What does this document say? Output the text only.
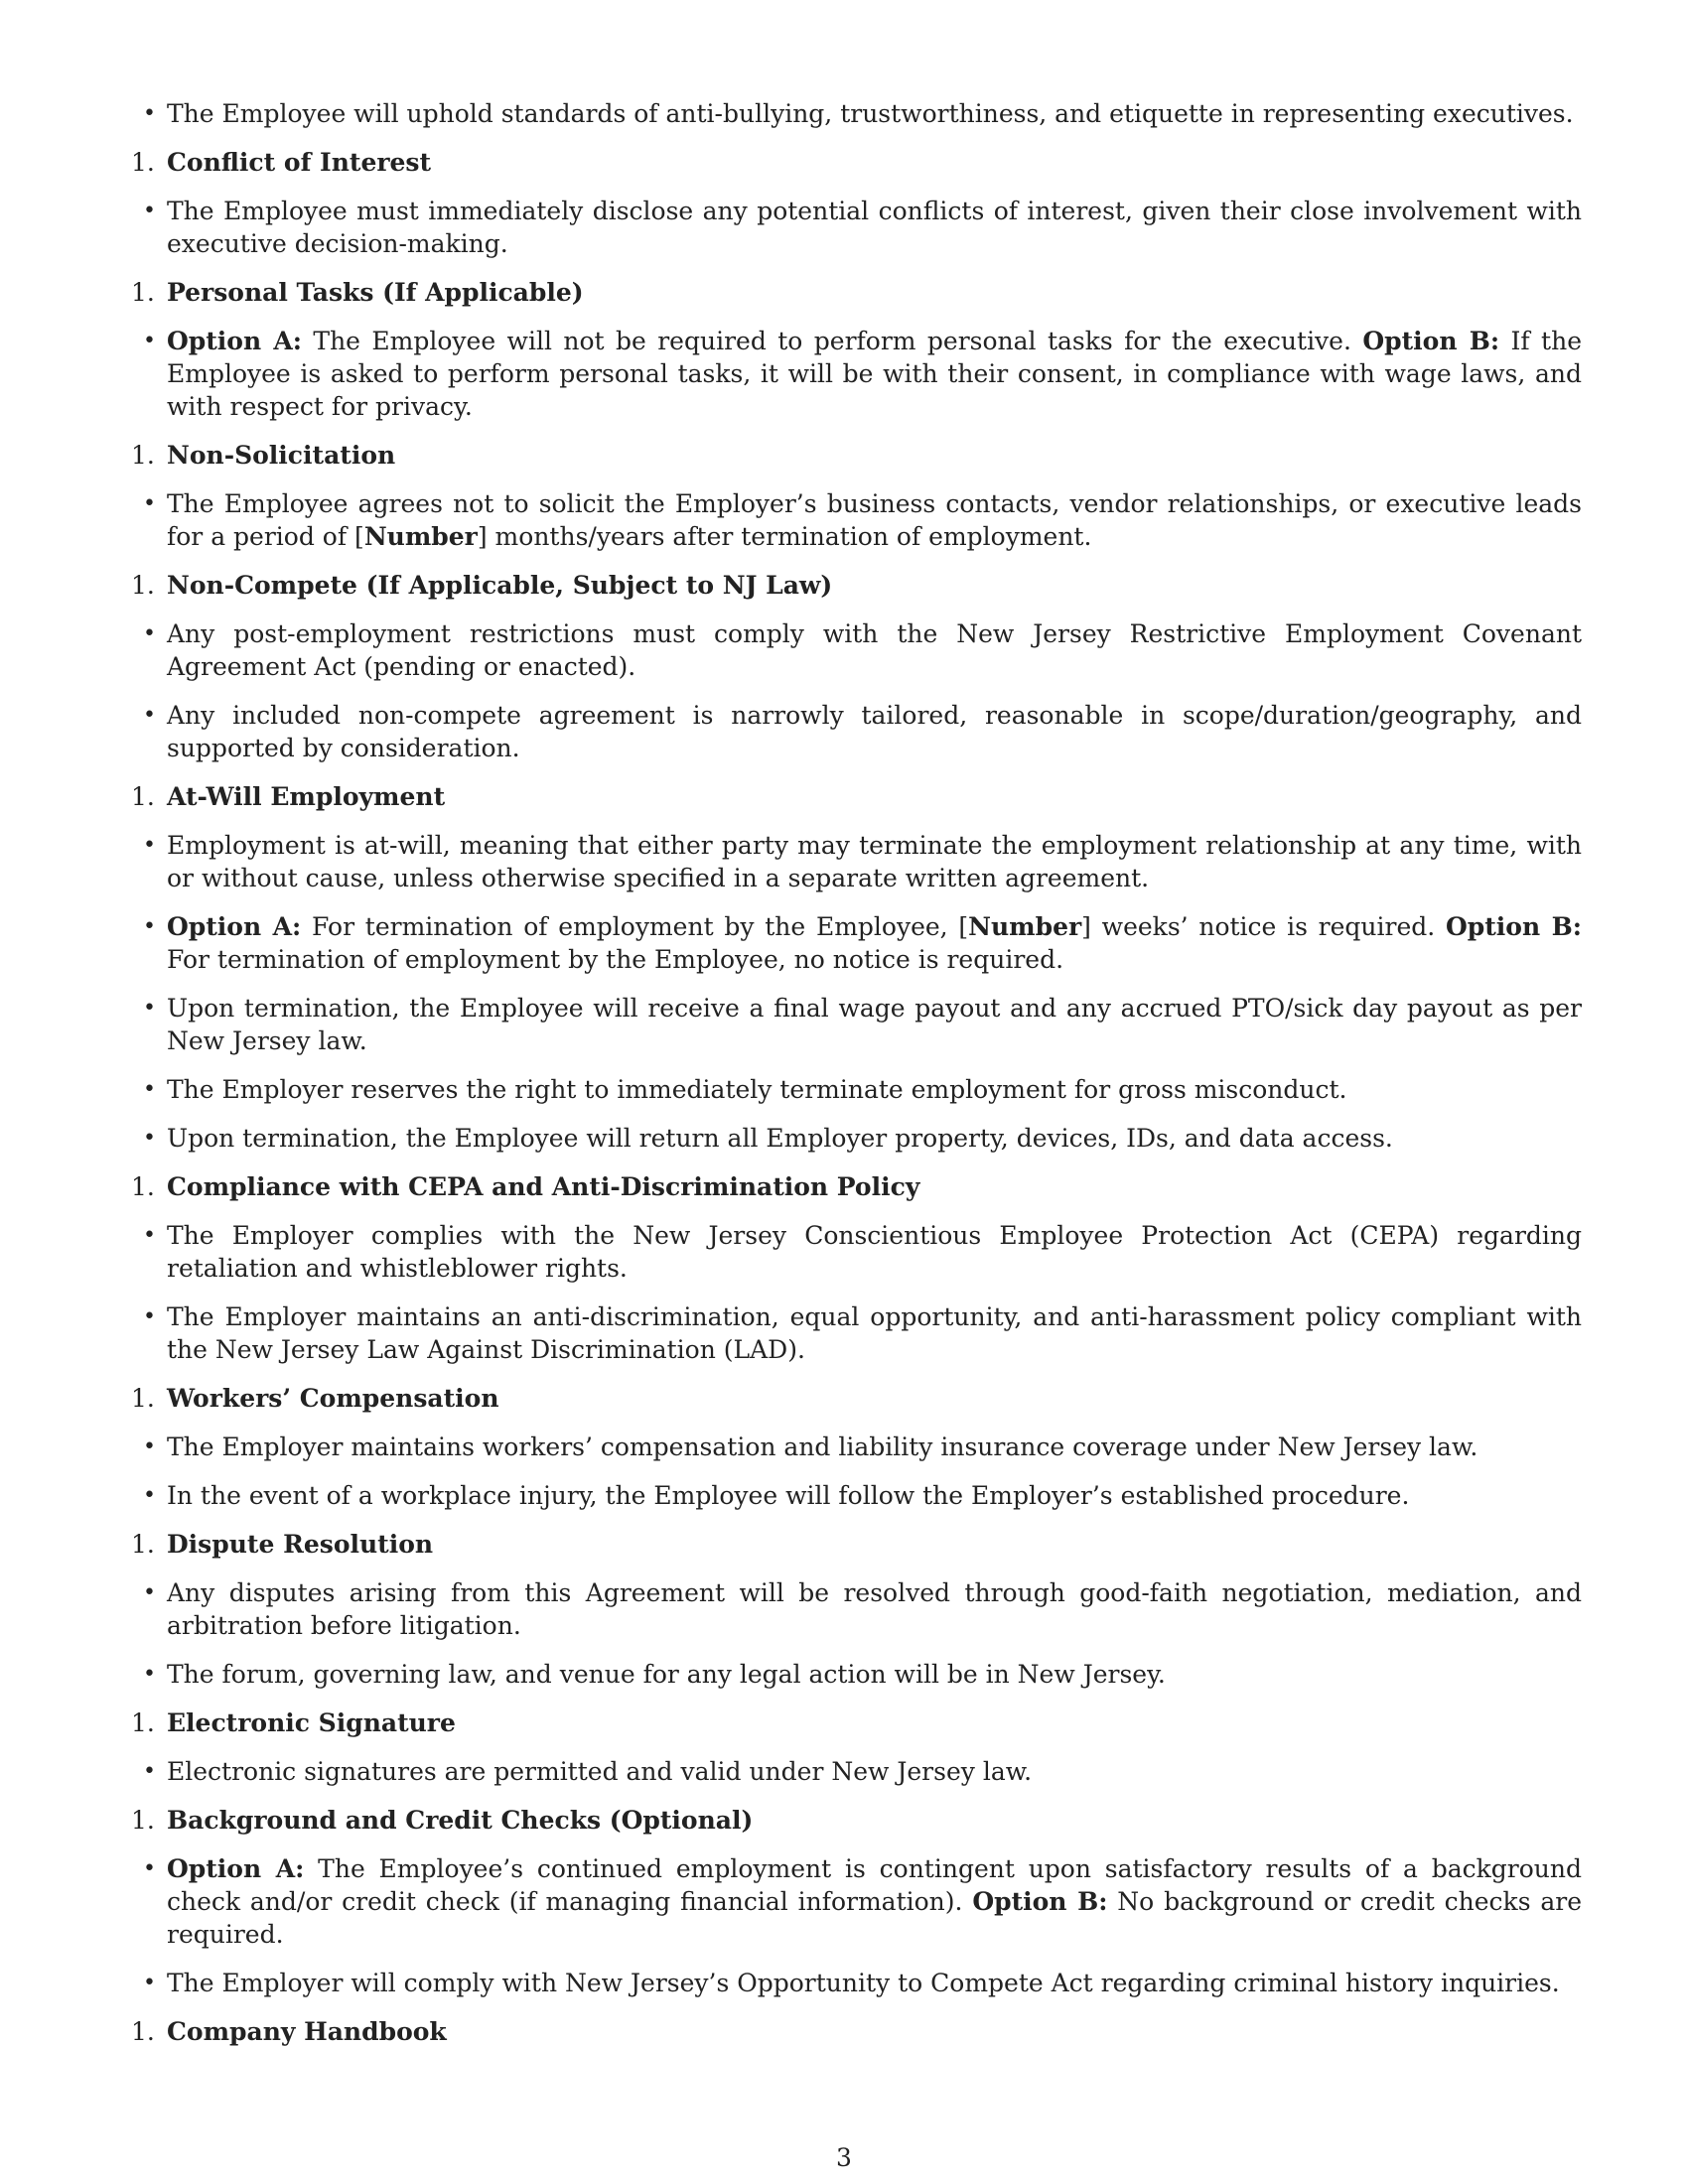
• The Employee will uphold standards of anti-bullying, trustworthiness, and etiquette in representing executives.
1. Conflict of Interest
• The Employee must immediately disclose any potential conflicts of interest, given their close involvement with executive decision-making.
1. Personal Tasks (If Applicable)
• Option A: The Employee will not be required to perform personal tasks for the executive. Option B: If the Employee is asked to perform personal tasks, it will be with their consent, in compliance with wage laws, and with respect for privacy.
1. Non-Solicitation
• The Employee agrees not to solicit the Employer’s business contacts, vendor relationships, or executive leads for a period of [Number] months/years after termination of employment.
1. Non-Compete (If Applicable, Subject to NJ Law)
• Any post-employment restrictions must comply with the New Jersey Restrictive Employment Covenant Agreement Act (pending or enacted).
• Any included non-compete agreement is narrowly tailored, reasonable in scope/duration/geography, and supported by consideration.
1. At-Will Employment
• Employment is at-will, meaning that either party may terminate the employment relationship at any time, with or without cause, unless otherwise specified in a separate written agreement.
• Option A: For termination of employment by the Employee, [Number] weeks’ notice is required. Option B: For termination of employment by the Employee, no notice is required.
• Upon termination, the Employee will receive a final wage payout and any accrued PTO/sick day payout as per New Jersey law.
• The Employer reserves the right to immediately terminate employment for gross misconduct.
• Upon termination, the Employee will return all Employer property, devices, IDs, and data access.
1. Compliance with CEPA and Anti-Discrimination Policy
• The Employer complies with the New Jersey Conscientious Employee Protection Act (CEPA) regarding retaliation and whistleblower rights.
• The Employer maintains an anti-discrimination, equal opportunity, and anti-harassment policy compliant with the New Jersey Law Against Discrimination (LAD).
1. Workers’ Compensation
• The Employer maintains workers’ compensation and liability insurance coverage under New Jersey law.
• In the event of a workplace injury, the Employee will follow the Employer’s established procedure.
1. Dispute Resolution
• Any disputes arising from this Agreement will be resolved through good-faith negotiation, mediation, and arbitration before litigation.
• The forum, governing law, and venue for any legal action will be in New Jersey.
1. Electronic Signature
• Electronic signatures are permitted and valid under New Jersey law.
1. Background and Credit Checks (Optional)
• Option A: The Employee’s continued employment is contingent upon satisfactory results of a background check and/or credit check (if managing financial information). Option B: No background or credit checks are required.
• The Employer will comply with New Jersey’s Opportunity to Compete Act regarding criminal history inquiries.
1. Company Handbook
3
